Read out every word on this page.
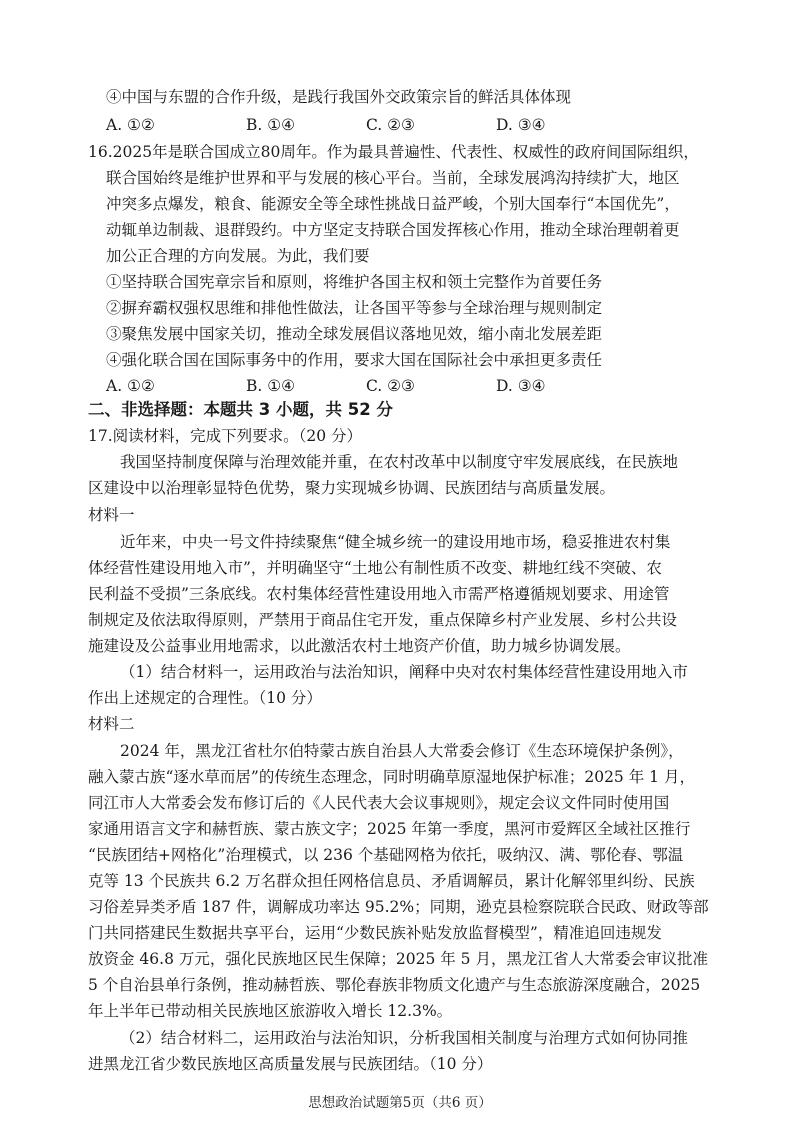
④中国与东盟的合作升级，是践行我国外交政策宗旨的鲜活具体体现
A. ①②	B. ①④	C. ②③	D. ③④
16.2025年是联合国成立80周年。作为最具普遍性、代表性、权威性的政府间国际组织，
联合国始终是维护世界和平与发展的核心平台。当前，全球发展鸿沟持续扩大，地区
冲突多点爆发，粮食、能源安全等全球性挑战日益严峻，个别大国奉行“本国优先”，
动辄单边制裁、退群毁约。中方坚定支持联合国发挥核心作用，推动全球治理朝着更
加公正合理的方向发展。为此，我们要
①坚持联合国宪章宗旨和原则，将维护各国主权和领土完整作为首要任务
②摒弃霸权强权思维和排他性做法，让各国平等参与全球治理与规则制定
③聚焦发展中国家关切，推动全球发展倡议落地见效，缩小南北发展差距
④强化联合国在国际事务中的作用，要求大国在国际社会中承担更多责任
A. ①②	B. ①④	C. ②③	D. ③④
二、非选择题：本题共 3 小题，共 52 分
17.阅读材料，完成下列要求。（20 分）
我国坚持制度保障与治理效能并重，在农村改革中以制度守牢发展底线，在民族地
区建设中以治理彰显特色优势，聚力实现城乡协调、民族团结与高质量发展。
材料一
近年来，中央一号文件持续聚焦“健全城乡统一的建设用地市场，稳妥推进农村集
体经营性建设用地入市”，并明确坚守“土地公有制性质不改变、耕地红线不突破、农
民利益不受损”三条底线。农村集体经营性建设用地入市需严格遵循规划要求、用途管
制规定及依法取得原则，严禁用于商品住宅开发，重点保障乡村产业发展、乡村公共设
施建设及公益事业用地需求，以此激活农村土地资产价值，助力城乡协调发展。
（1）结合材料一，运用政治与法治知识，阐释中央对农村集体经营性建设用地入市
作出上述规定的合理性。（10 分）
材料二
2024 年，黑龙江省杜尔伯特蒙古族自治县人大常委会修订《生态环境保护条例》，
融入蒙古族“逐水草而居”的传统生态理念，同时明确草原湿地保护标准；2025 年 1 月，
同江市人大常委会发布修订后的《人民代表大会议事规则》，规定会议文件同时使用国
家通用语言文字和赫哲族、蒙古族文字；2025 年第一季度，黑河市爱辉区全域社区推行
“民族团结+网格化”治理模式，以 236 个基础网格为依托，吸纳汉、满、鄂伦春、鄂温
克等 13 个民族共 6.2 万名群众担任网格信息员、矛盾调解员，累计化解邻里纠纷、民族
习俗差异类矛盾 187 件，调解成功率达 95.2%；同期，逊克县检察院联合民政、财政等部
门共同搭建民生数据共享平台，运用“少数民族补贴发放监督模型”，精准追回违规发
放资金 46.8 万元，强化民族地区民生保障；2025 年 5 月，黑龙江省人大常委会审议批准
5 个自治县单行条例，推动赫哲族、鄂伦春族非物质文化遗产与生态旅游深度融合，2025
年上半年已带动相关民族地区旅游收入增长 12.3%。
（2）结合材料二，运用政治与法治知识，分析我国相关制度与治理方式如何协同推
进黑龙江省少数民族地区高质量发展与民族团结。（10 分）
思想政治试题第5页（共6 页）
